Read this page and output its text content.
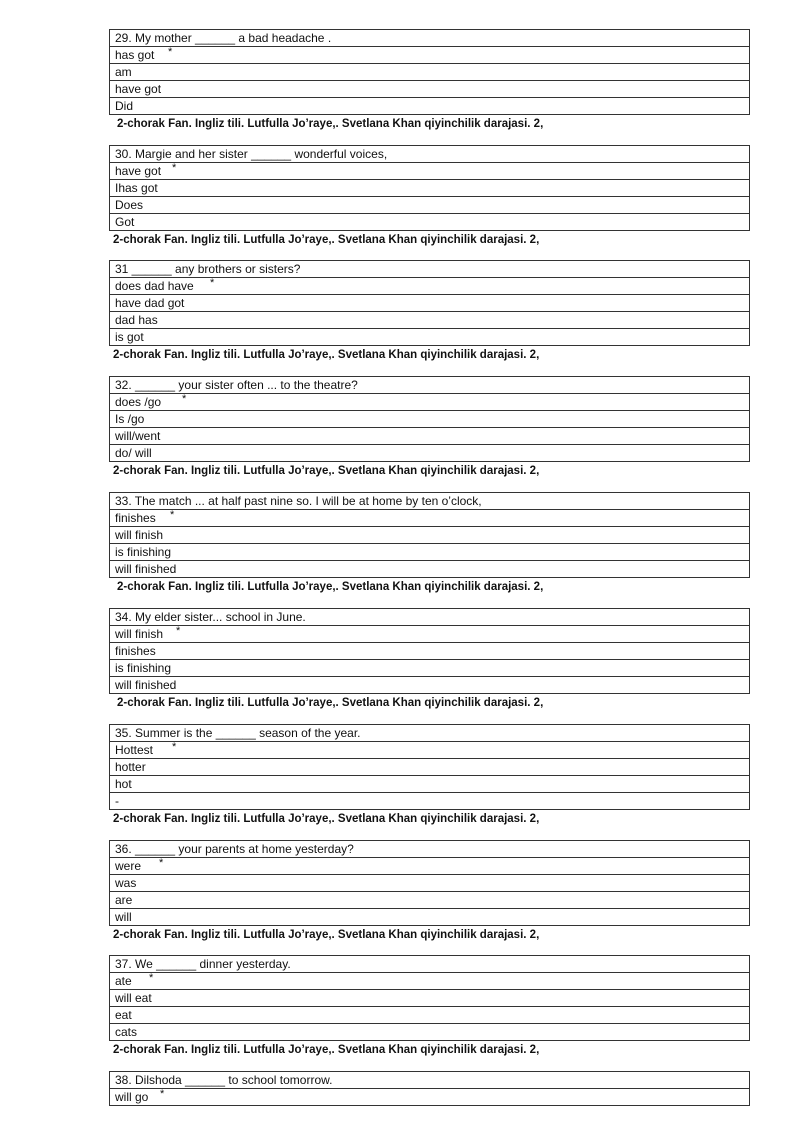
29. My mother ______ a bad headache .
has got *
am
have got
Did
2-chorak Fan. Ingliz tili. Lutfulla Jo’raye,. Svetlana Khan qiyinchilik darajasi. 2,
30. Margie and her sister ______ wonderful voices,
have got *
Ihas got
Does
Got
2-chorak Fan. Ingliz tili. Lutfulla Jo’raye,. Svetlana Khan qiyinchilik darajasi. 2,
31 ______ any brothers or sisters?
does dad have *
have dad got
dad has
is got
2-chorak Fan. Ingliz tili. Lutfulla Jo’raye,. Svetlana Khan qiyinchilik darajasi. 2,
32. ______ your sister often ... to the theatre?
does /go *
Is /go
will/went
do/ will
2-chorak Fan. Ingliz tili. Lutfulla Jo’raye,. Svetlana Khan qiyinchilik darajasi. 2,
33. The match ... at half past nine so. I will be at home by ten o’clock,
finishes *
will finish
is finishing
will finished
2-chorak Fan. Ingliz tili. Lutfulla Jo’raye,. Svetlana Khan qiyinchilik darajasi. 2,
34. My elder sister... school in June.
will finish *
finishes
is finishing
will finished
2-chorak Fan. Ingliz tili. Lutfulla Jo’raye,. Svetlana Khan qiyinchilik darajasi. 2,
35. Summer is the ______ season of the year.
Hottest *
hotter
hot
-
2-chorak Fan. Ingliz tili. Lutfulla Jo’raye,. Svetlana Khan qiyinchilik darajasi. 2,
36. ______ your parents at home yesterday?
were *
was
are
will
2-chorak Fan. Ingliz tili. Lutfulla Jo’raye,. Svetlana Khan qiyinchilik darajasi. 2,
37. We ______ dinner yesterday.
ate *
will eat
eat
cats
2-chorak Fan. Ingliz tili. Lutfulla Jo’raye,. Svetlana Khan qiyinchilik darajasi. 2,
38. Dilshoda ______ to school tomorrow.
will go *
